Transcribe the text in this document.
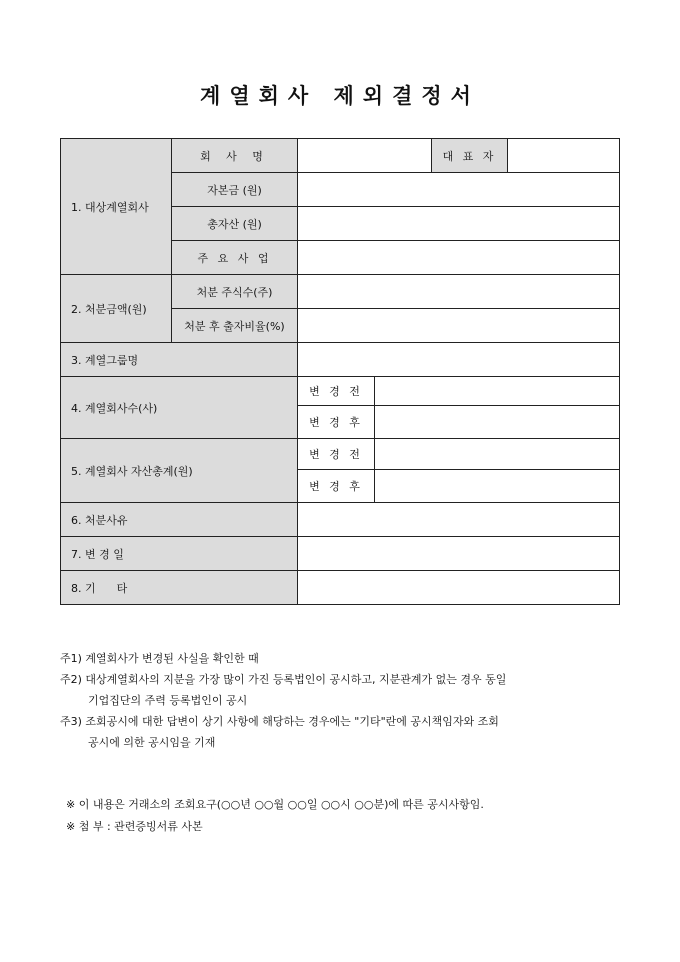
계열회사 제외결정서
1. 대상계열회사	회 사 명			대 표 자	
	자본금 (원)				
	총자산 (원)				
	주 요 사 업				
2. 처분금액(원)	처분 주식수(주)				
	처분 후 출자비율(%)				
3. 계열그룹명					
4. 계열회사수(사)		변 경 전			
		변 경 후			
5. 계열회사 자산총계(원)		변 경 전			
		변 경 후			
6. 처분사유					
7. 변 경 일					
8. 기      타					
주1) 계열회사가 변경된 사실을 확인한 때
주2) 대상계열회사의 지분을 가장 많이 가진 등록법인이 공시하고, 지분관계가 없는 경우 동일
기업집단의 주력 등록법인이 공시
주3) 조회공시에 대한 답변이 상기 사항에 해당하는 경우에는 "기타"란에 공시책임자와 조회
공시에 의한 공시임을 기재
※ 이 내용은 거래소의 조회요구(○○년 ○○월 ○○일 ○○시 ○○분)에 따른 공시사항임.
※ 첨 부 : 관련증빙서류 사본
